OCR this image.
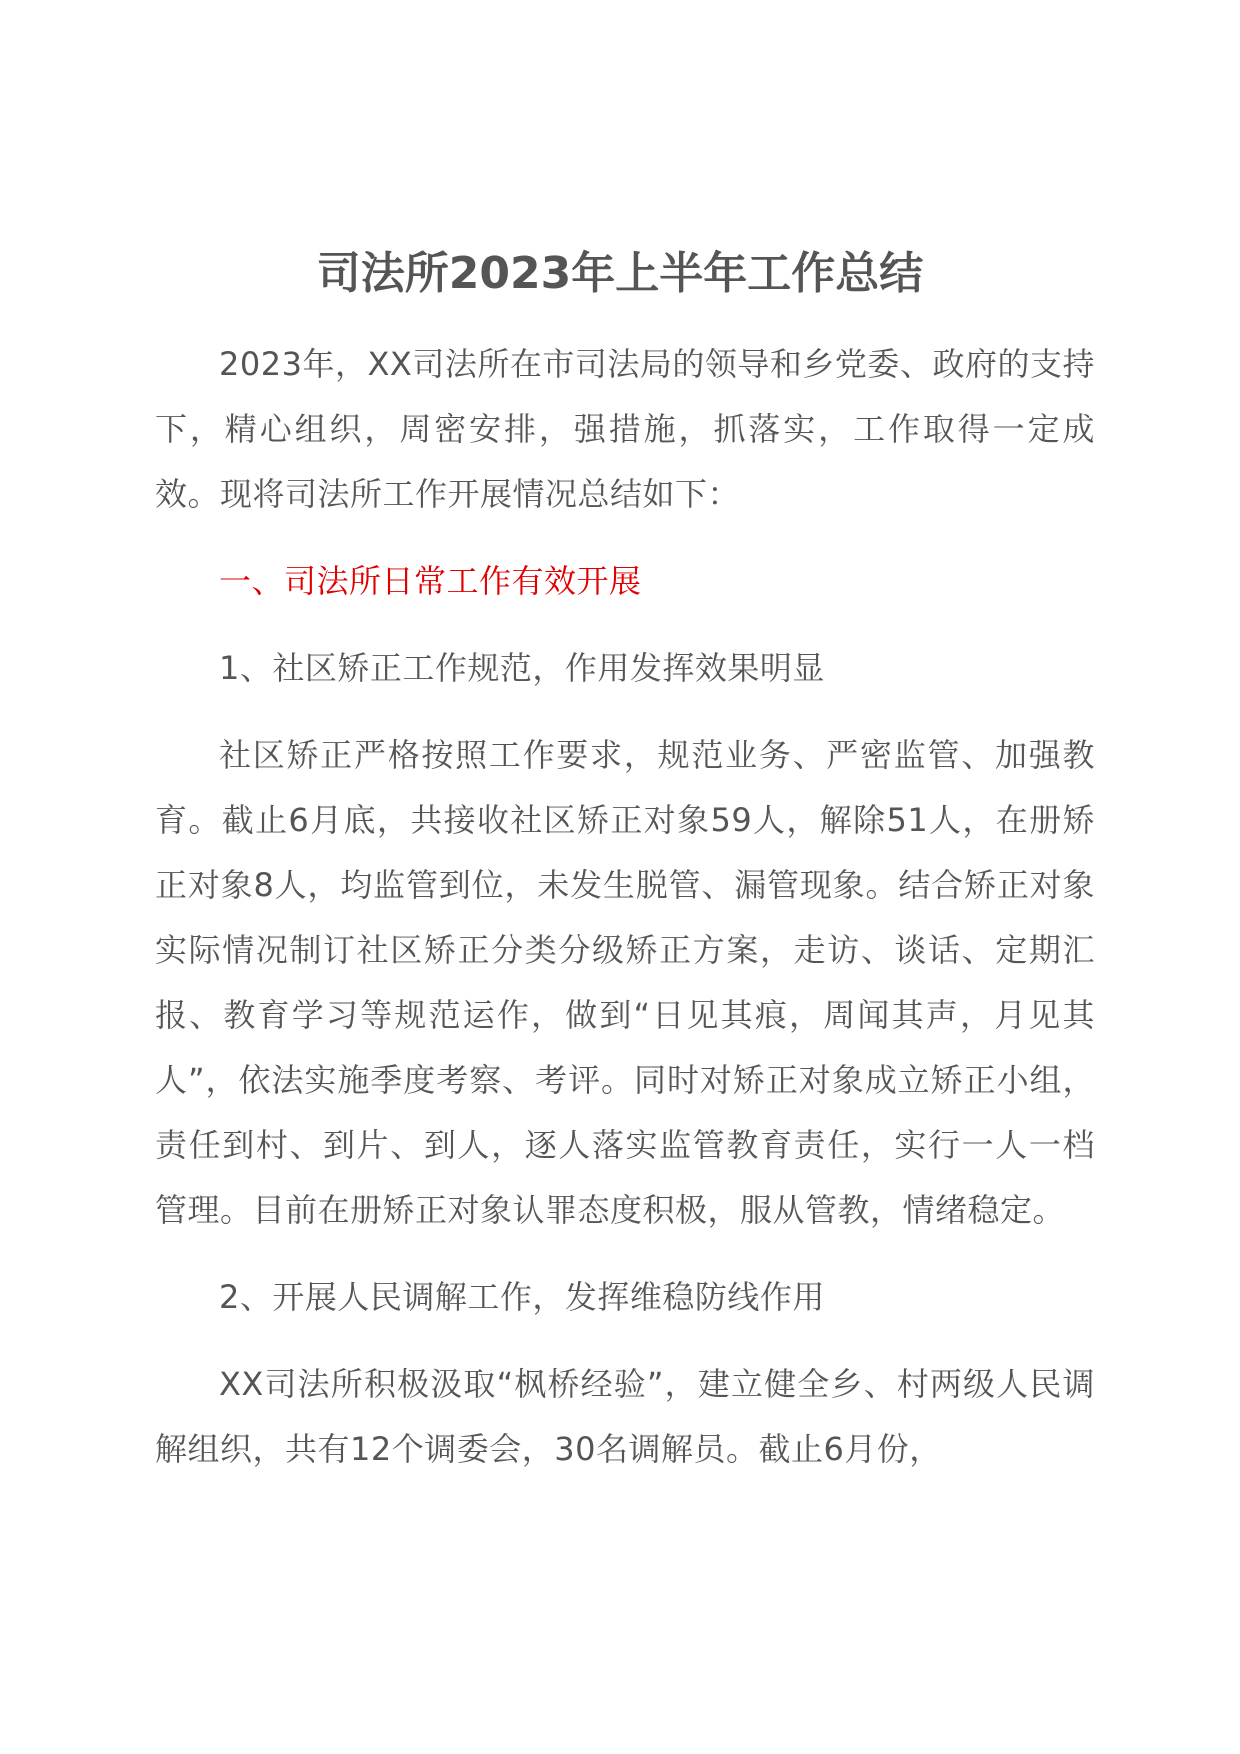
司法所2023年上半年工作总结

2023年，XX司法所在市司法局的领导和乡党委、政府的支持下，精心组织，周密安排，强措施，抓落实，工作取得一定成效。现将司法所工作开展情况总结如下：

一、司法所日常工作有效开展

1、社区矫正工作规范，作用发挥效果明显

社区矫正严格按照工作要求，规范业务、严密监管、加强教育。截止6月底，共接收社区矫正对象59人，解除51人，在册矫正对象8人，均监管到位，未发生脱管、漏管现象。结合矫正对象实际情况制订社区矫正分类分级矫正方案，走访、谈话、定期汇报、教育学习等规范运作，做到“日见其痕，周闻其声，月见其人”，依法实施季度考察、考评。同时对矫正对象成立矫正小组，责任到村、到片、到人，逐人落实监管教育责任，实行一人一档管理。目前在册矫正对象认罪态度积极，服从管教，情绪稳定。

2、开展人民调解工作，发挥维稳防线作用

XX司法所积极汲取“枫桥经验”，建立健全乡、村两级人民调解组织，共有12个调委会，30名调解员。截止6月份，
